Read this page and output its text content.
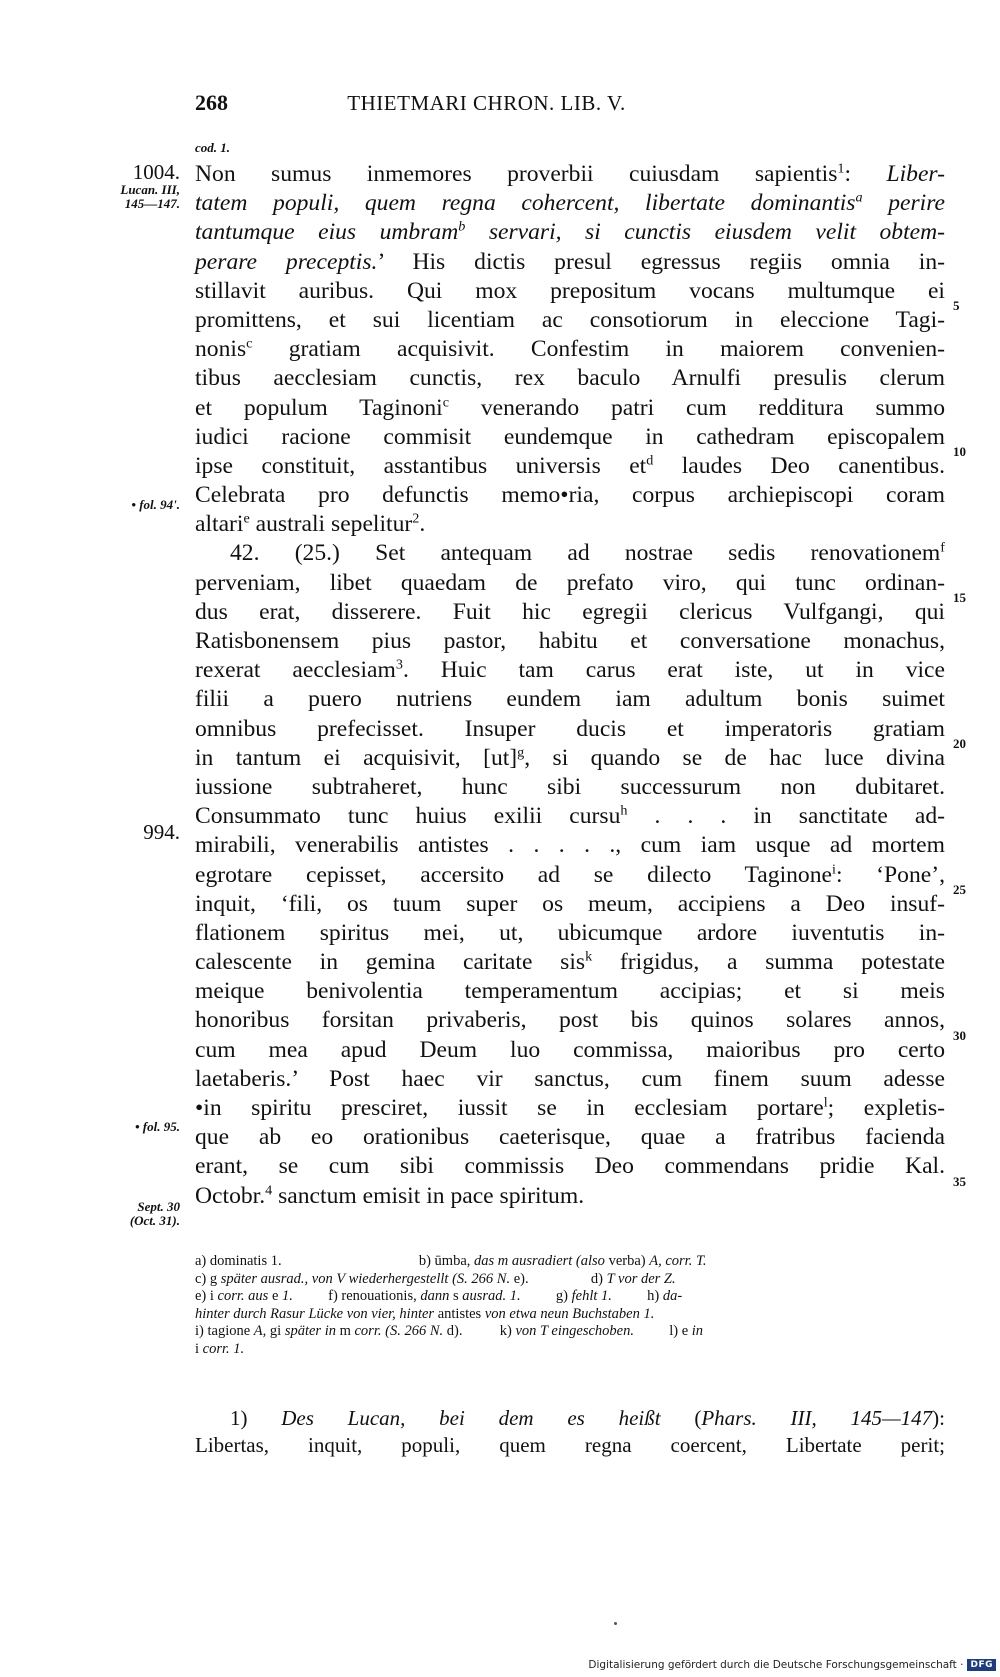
268	THIETMARI CHRON. LIB. V.
cod. 1.
1004.
Lucan. III,
145—147.
• fol. 94'.
994.
• fol. 95.
Sept. 30
(Oct. 31).
5
10
15
20
25
30
35
Non sumus inmemores proverbii cuiusdam sapientis$^1$: Liber-
tatem populi, quem regna cohercent, libertate dominantis$^a$ perire
tantumque eius umbram$^b$ servari, si cunctis eiusdem velit obtem-
perare preceptis.’ His dictis presul egressus regiis omnia in-
stillavit auribus. Qui mox prepositum vocans multumque ei
promittens, et sui licentiam ac consotiorum in eleccione Tagi-
nonis$^c$ gratiam acquisivit. Confestim in maiorem convenien-
tibus aecclesiam cunctis, rex baculo Arnulfi presulis clerum
et populum Taginoni$^c$ venerando patri cum redditura summo
iudici racione commisit eundemque in cathedram episcopalem
ipse constituit, asstantibus universis $et^d$ laudes Deo canentibus.
Celebrata pro defunctis memo•ria, corpus archiepiscopi coram
altari$^e$ australi sepelitur$^2$.
42. (25.) Set antequam ad nostrae sedis renovationem$^f$
perveniam, libet quaedam de prefato viro, qui tunc ordinan-
dus erat, disserere. Fuit hic egregii clericus Vulfgangi, qui
Ratisbonensem pius pastor, habitu et conversatione monachus,
rexerat aecclesiam$^3$. Huic tam carus erat iste, ut in vice
filii a puero nutriens eundem iam adultum bonis suimet
omnibus prefecisset. Insuper ducis et imperatoris gratiam
in tantum ei acquisivit, [ut]$^g$, si quando se de hac luce divina
iussione subtraheret, hunc sibi successurum non dubitaret.
Consummato tunc huius exilii cursu$^h$ . . . in sanctitate ad-
mirabili, venerabilis antistes . . . . ., cum iam usque ad mortem
egrotare cepisset, accersito ad se dilecto Taginone$^i$: ‘Pone’,
inquit, ‘fili, os tuum super os meum, accipiens a Deo insuf-
flationem spiritus mei, ut, ubicumque ardore iuventutis in-
calescente in gemina caritate sis$^k$ frigidus, a summa potestate
meique benivolentia temperamentum accipias; et si meis
honoribus forsitan privaberis, post bis quinos solares annos,
cum mea apud Deum luo commissa, maioribus pro certo
laetaberis.’ Post haec vir sanctus, cum finem suum adesse
•in spiritu presciret, iussit se in ecclesiam portare$^l$; expletis-
que ab eo orationibus caeterisque, quae a fratribus facienda
erant, se cum sibi commissis Deo commendans pridie Kal.
Octobr.$^4$ sanctum emisit in pace spiritum.
a) dominatis 1.	b) ūmba, das m ausradiert (also verba) A, corr. T.
c) g später ausrad., von V wiederhergestellt (S. 266 N. e).	d) T vor der Z.
e) i corr. aus e 1. f) renouationis, dann s ausrad. 1. g) fehlt 1. h) da-
hinter durch Rasur Lücke von vier, hinter antistes von etwa neun Buchstaben 1.
i) tagione A, gi später in m corr. (S. 266 N. d).	k) von T eingeschoben. l) e in
i corr. 1.
1) Des Lucan, bei dem es heißt (Phars. III, 145—147):
Libertas, inquit, populi, quem regna coercent, Libertate perit;
Digitalisierung gefördert durch die Deutsche Forschungsgemeinschaft · DFG
